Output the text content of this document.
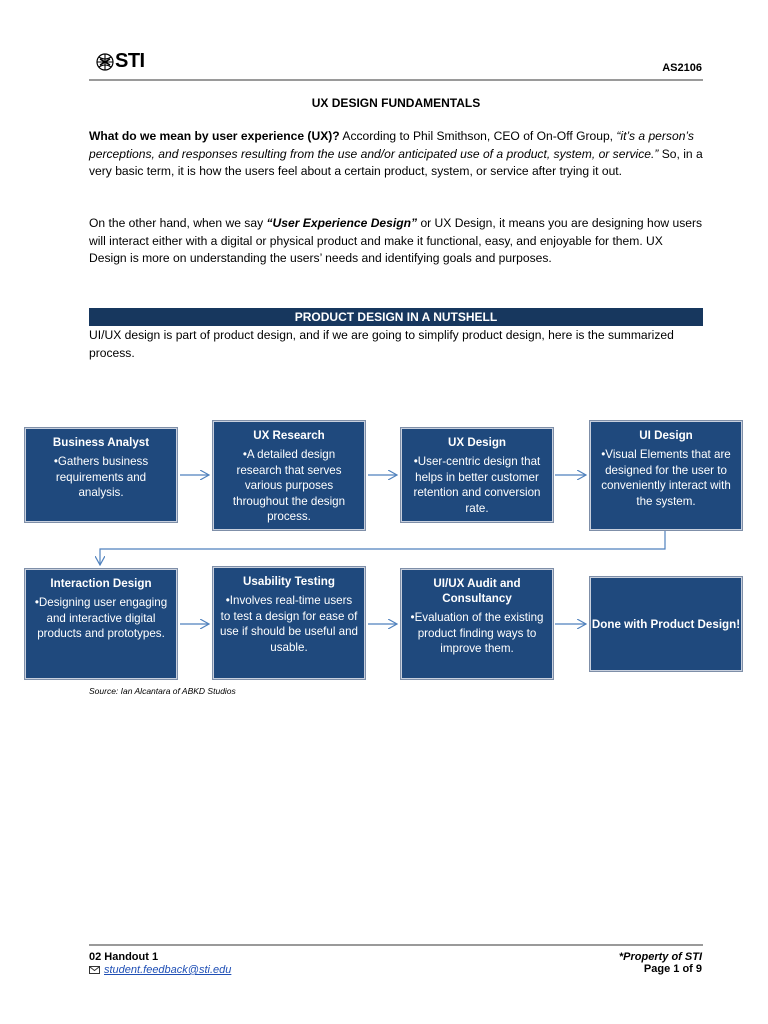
STI	AS2106
UX DESIGN FUNDAMENTALS

What do we mean by user experience (UX)? According to Phil Smithson, CEO of On-Off Group, “it’s a person’s perceptions, and responses resulting from the use and/or anticipated use of a product, system, or service.” So, in a very basic term, it is how the users feel about a certain product, system, or service after trying it out.

On the other hand, when we say “User Experience Design” or UX Design, it means you are designing how users will interact either with a digital or physical product and make it functional, easy, and enjoyable for them. UX Design is more on understanding the users’ needs and identifying goals and purposes.

PRODUCT DESIGN IN A NUTSHELL

UI/UX design is part of product design, and if we are going to simplify product design, here is the summarized process.

Business Analyst
•Gathers business requirements and analysis.
UX Research
•A detailed design research that serves various purposes throughout the design process.
UX Design
•User-centric design that helps in better customer retention and conversion rate.
UI Design
•Visual Elements that are designed for the user to conveniently interact with the system.
Interaction Design
•Designing user engaging and interactive digital products and prototypes.
Usability Testing
•Involves real-time users to test a design for ease of use if should be useful and usable.
UI/UX Audit and Consultancy
•Evaluation of the existing product finding ways to improve them.
Done with Product Design!
Source: Ian Alcantara of ABKD Studios
02 Handout 1
student.feedback@sti.edu
*Property of STI
Page 1 of 9
